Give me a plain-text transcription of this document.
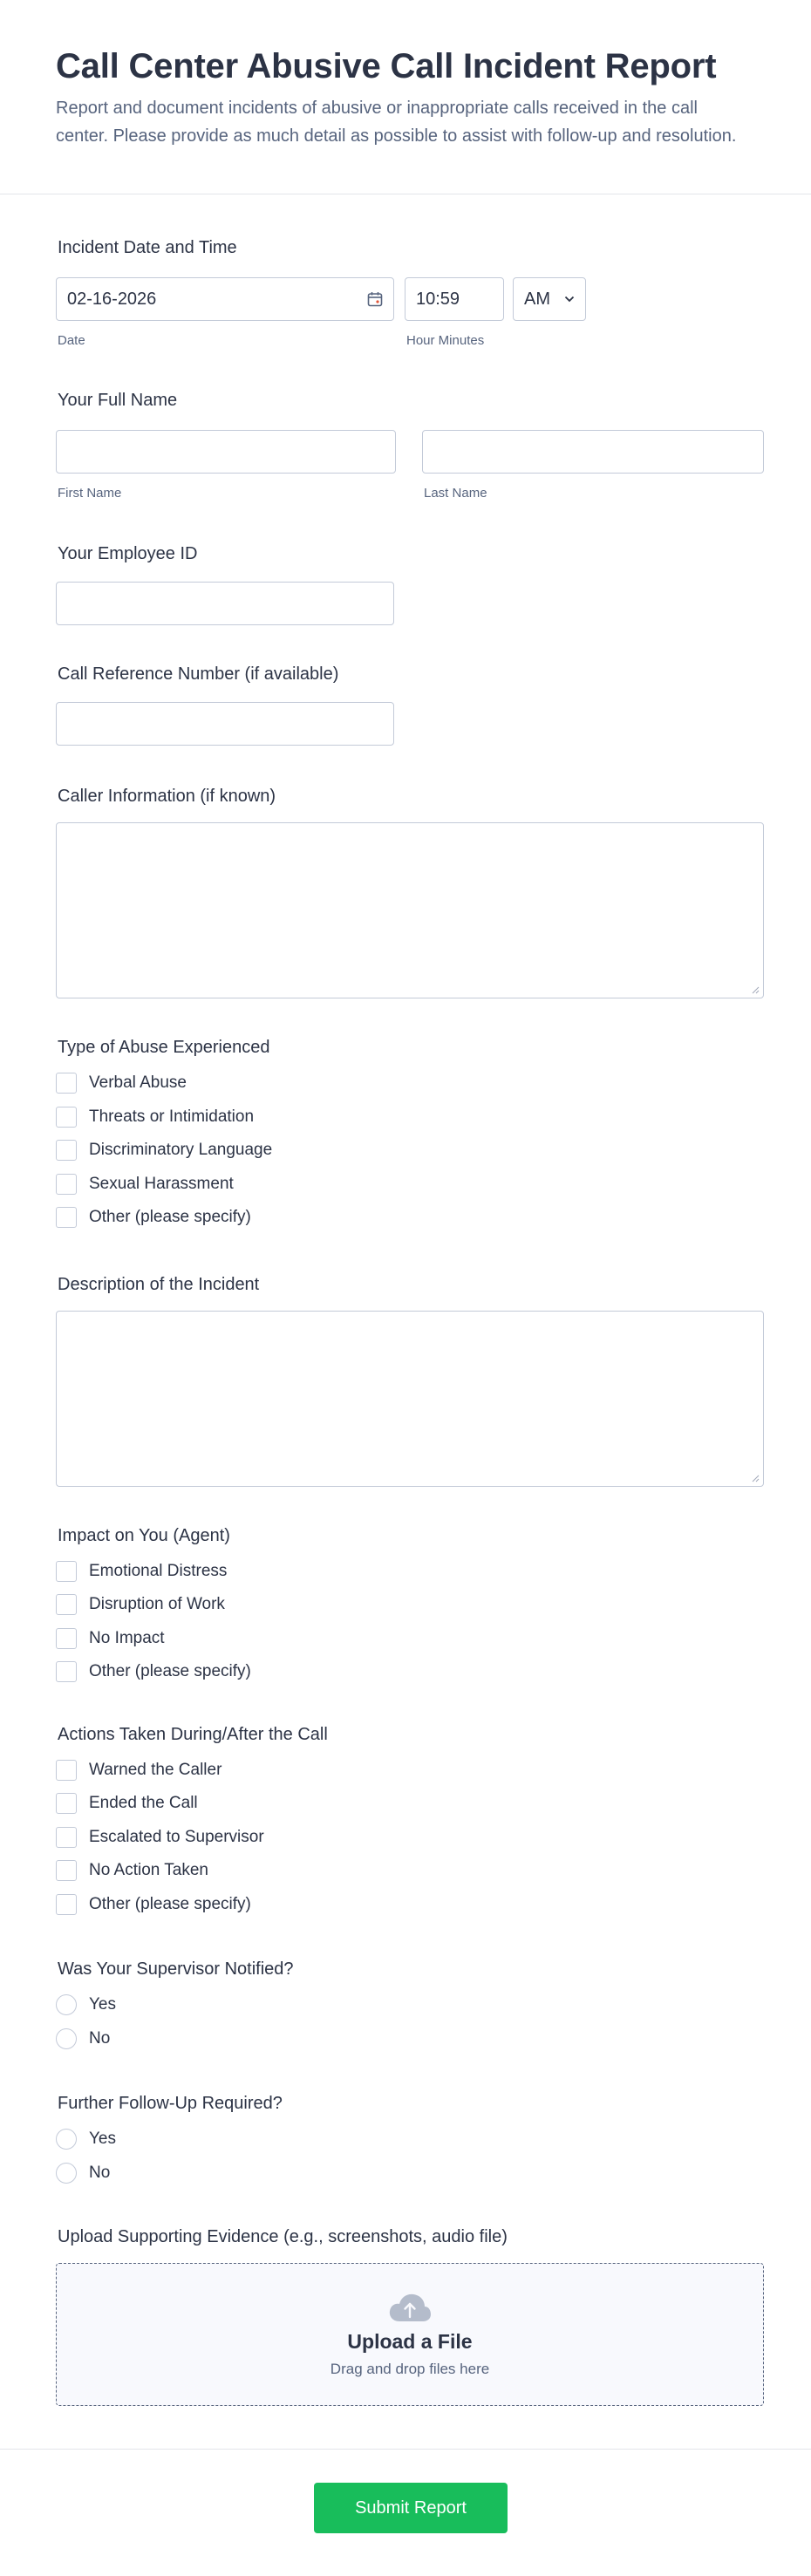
Call Center Abusive Call Incident Report

Report and document incidents of abusive or inappropriate calls received in the call center. Please provide as much detail as possible to assist with follow-up and resolution.

Incident Date and Time
02-16-2026
Date
10:59	AM
Hour Minutes
Your Full Name
First Name	Last Name
Your Employee ID
Call Reference Number (if available)
Caller Information (if known)
Type of Abuse Experienced
Verbal Abuse
Threats or Intimidation
Discriminatory Language
Sexual Harassment
Other (please specify)
Description of the Incident
Impact on You (Agent)
Emotional Distress
Disruption of Work
No Impact
Other (please specify)
Actions Taken During/After the Call
Warned the Caller
Ended the Call
Escalated to Supervisor
No Action Taken
Other (please specify)
Was Your Supervisor Notified?
Yes
No
Further Follow-Up Required?
Yes
No
Upload Supporting Evidence (e.g., screenshots, audio file)
Upload a File
Drag and drop files here
Submit Report
